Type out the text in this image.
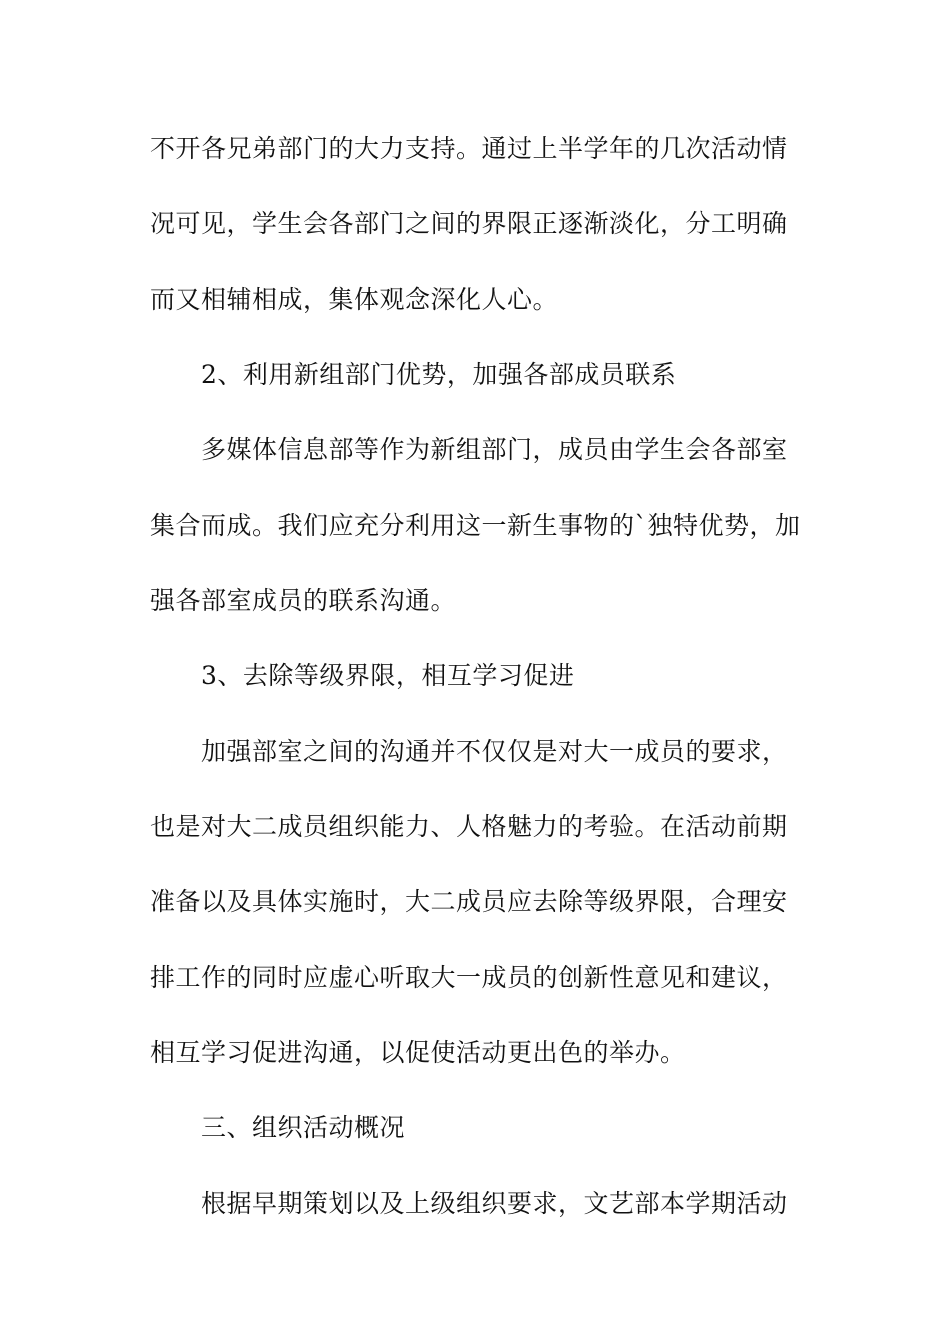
不开各兄弟部门的大力支持。通过上半学年的几次活动情
况可见，学生会各部门之间的界限正逐渐淡化，分工明确
而又相辅相成，集体观念深化人心。
2、利用新组部门优势，加强各部成员联系
多媒体信息部等作为新组部门，成员由学生会各部室
集合而成。我们应充分利用这一新生事物的`独特优势，加
强各部室成员的联系沟通。
3、去除等级界限，相互学习促进
加强部室之间的沟通并不仅仅是对大一成员的要求，
也是对大二成员组织能力、人格魅力的考验。在活动前期
准备以及具体实施时，大二成员应去除等级界限，合理安
排工作的同时应虚心听取大一成员的创新性意见和建议，
相互学习促进沟通，以促使活动更出色的举办。
三、组织活动概况
根据早期策划以及上级组织要求，文艺部本学期活动
